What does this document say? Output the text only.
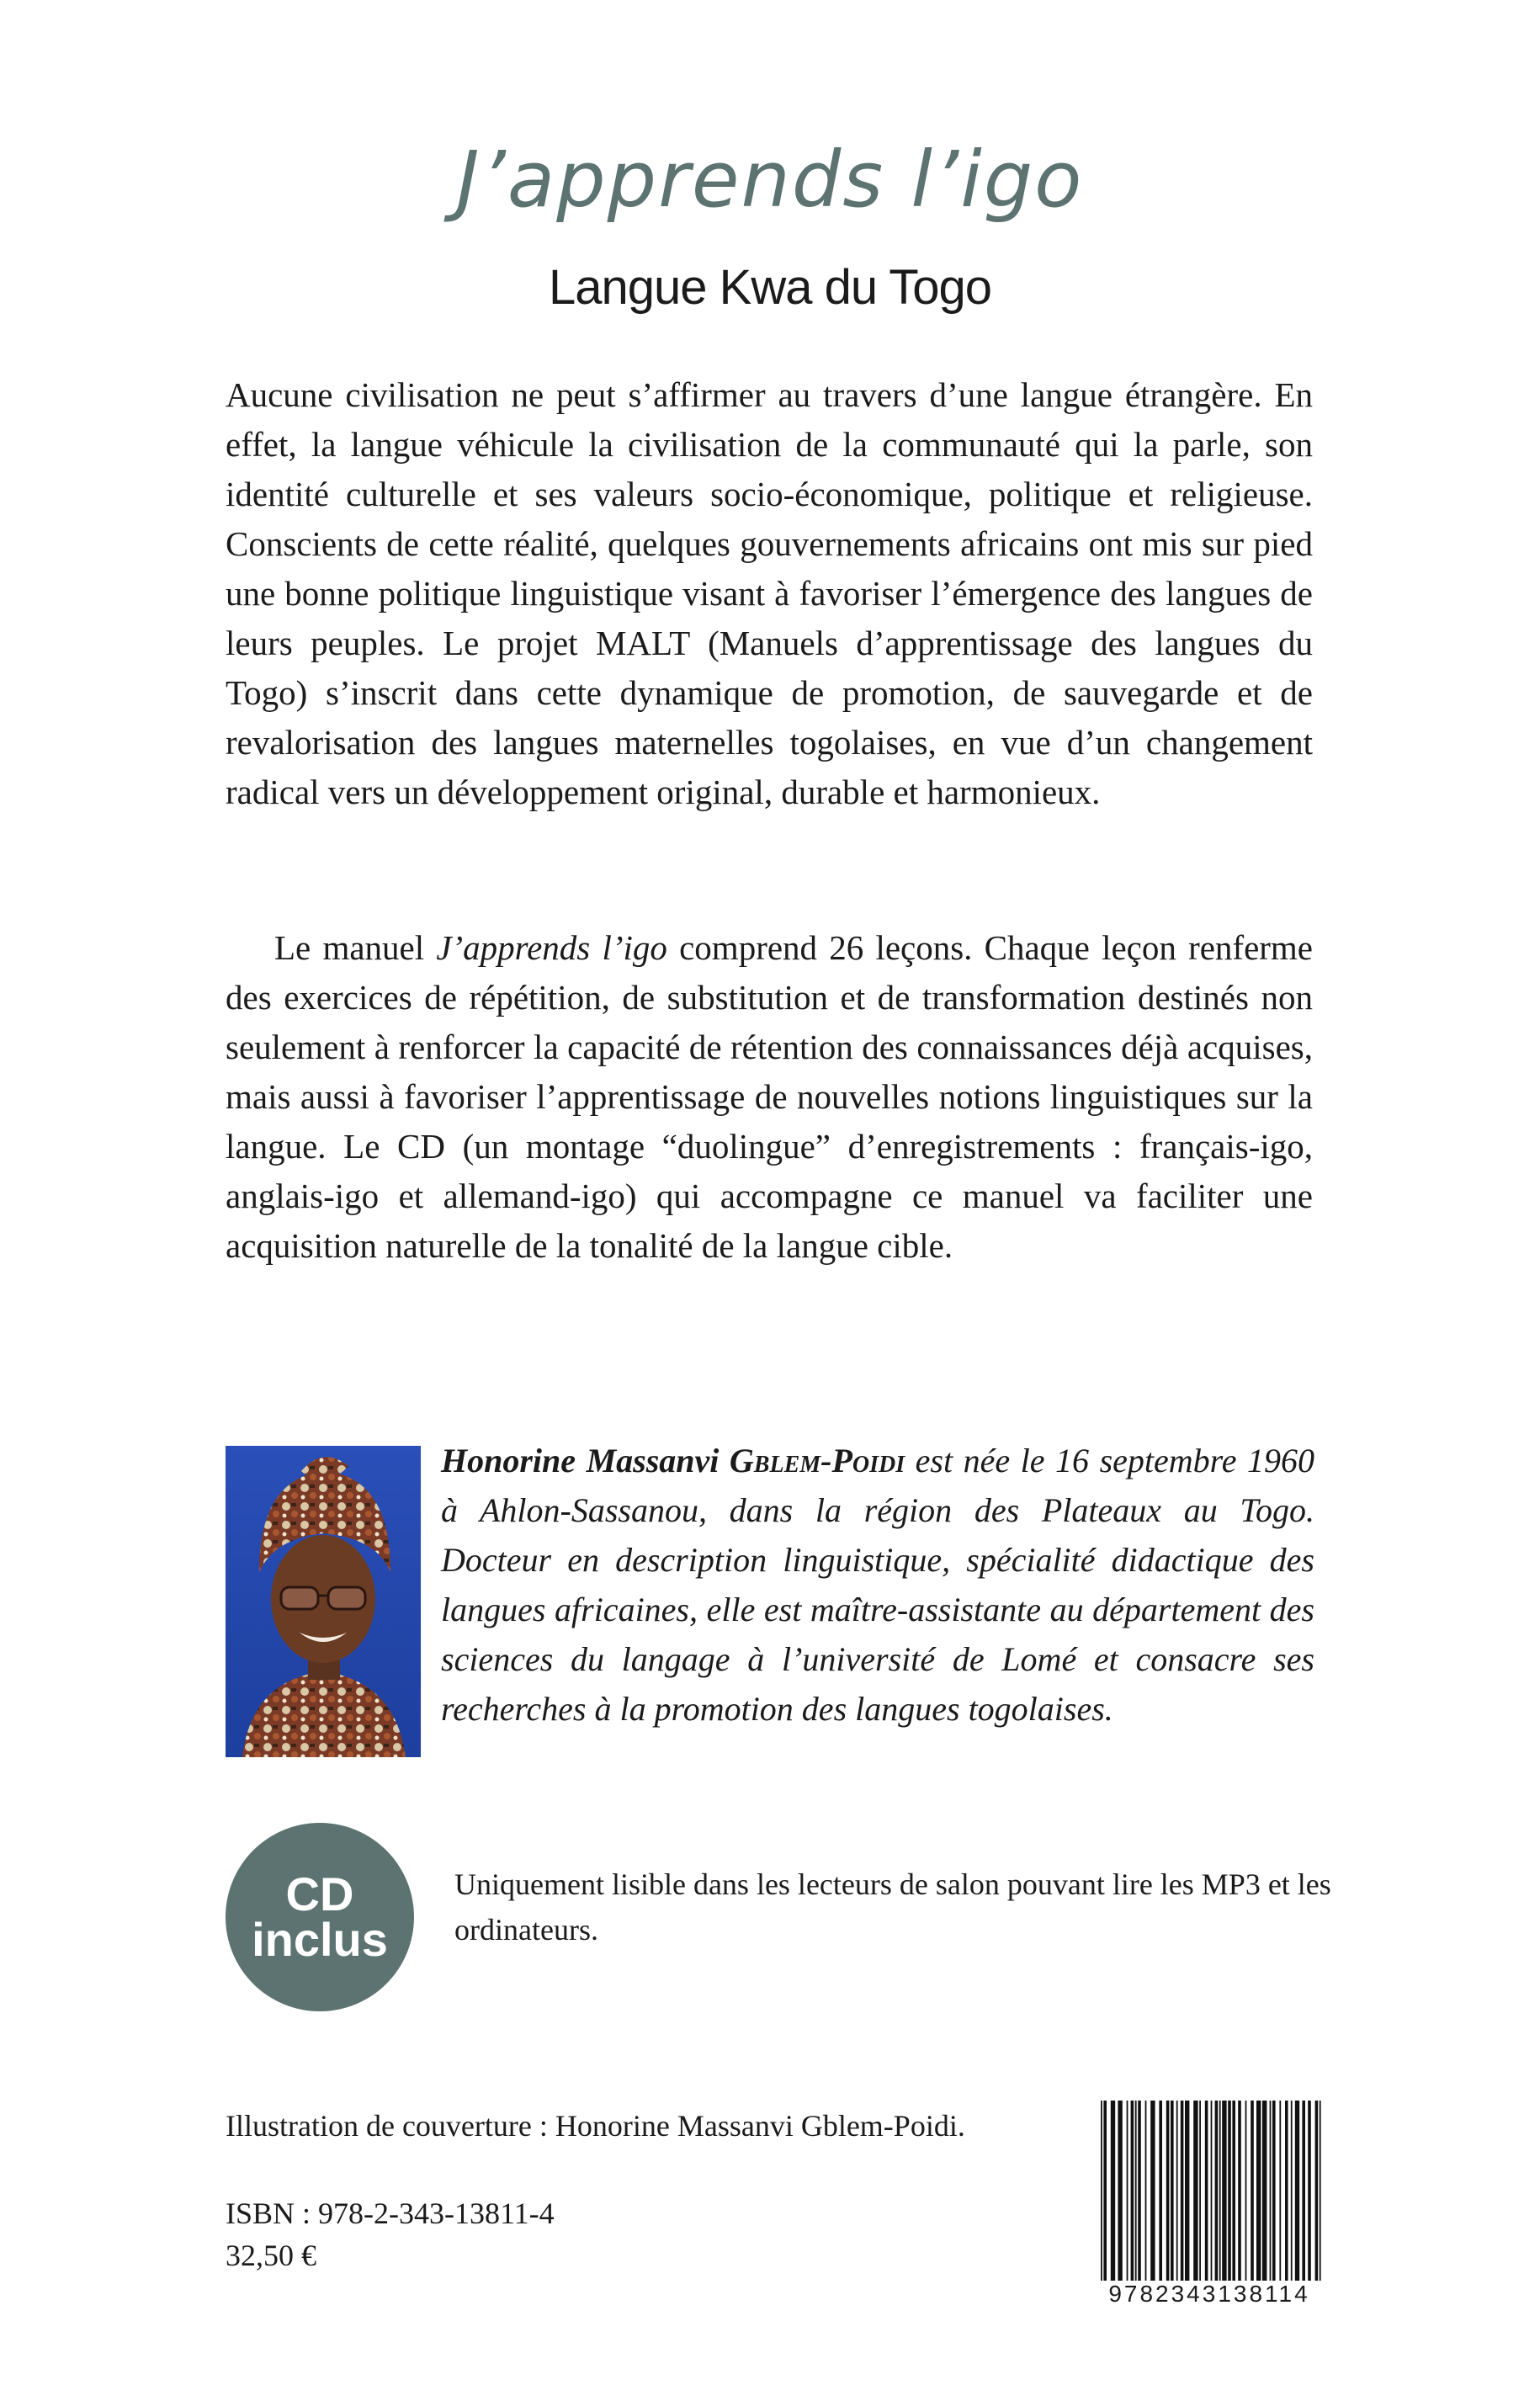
J’apprends l’igo
Langue Kwa du Togo

Aucune civilisation ne peut s’affirmer au travers d’une langue étrangère. En effet, la langue véhicule la civilisation de la communauté qui la parle, son identité culturelle et ses valeurs socio-économique, politique et religieuse. Conscients de cette réalité, quelques gouvernements africains ont mis sur pied une bonne politique linguistique visant à favoriser l’émergence des langues de leurs peuples. Le projet MALT (Manuels d’apprentissage des langues du Togo) s’inscrit dans cette dynamique de promotion, de sauvegarde et de revalorisation des langues maternelles togolaises, en vue d’un changement radical vers un développement original, durable et harmonieux.

Le manuel J’apprends l’igo comprend 26 leçons. Chaque leçon renferme des exercices de répétition, de substitution et de transformation destinés non seulement à renforcer la capacité de rétention des connaissances déjà acquises, mais aussi à favoriser l’apprentissage de nouvelles notions linguistiques sur la langue. Le CD (un montage “duolingue” d’enregistrements : français-igo, anglais-igo et allemand-igo) qui accompagne ce manuel va faciliter une acquisition naturelle de la tonalité de la langue cible.

Honorine Massanvi Gblem-Poidi est née le 16 septembre 1960 à Ahlon-Sassanou, dans la région des Plateaux au Togo. Docteur en description linguistique, spécialité didactique des langues africaines, elle est maître-assistante au département des sciences du langage à l’université de Lomé et consacre ses recherches à la promotion des langues togolaises.

CD
inclus

Uniquement lisible dans les lecteurs de salon pouvant lire les MP3 et les ordinateurs.

Illustration de couverture : Honorine Massanvi Gblem-Poidi.

ISBN : 978-2-343-13811-4

32,50 €

9782343138114
